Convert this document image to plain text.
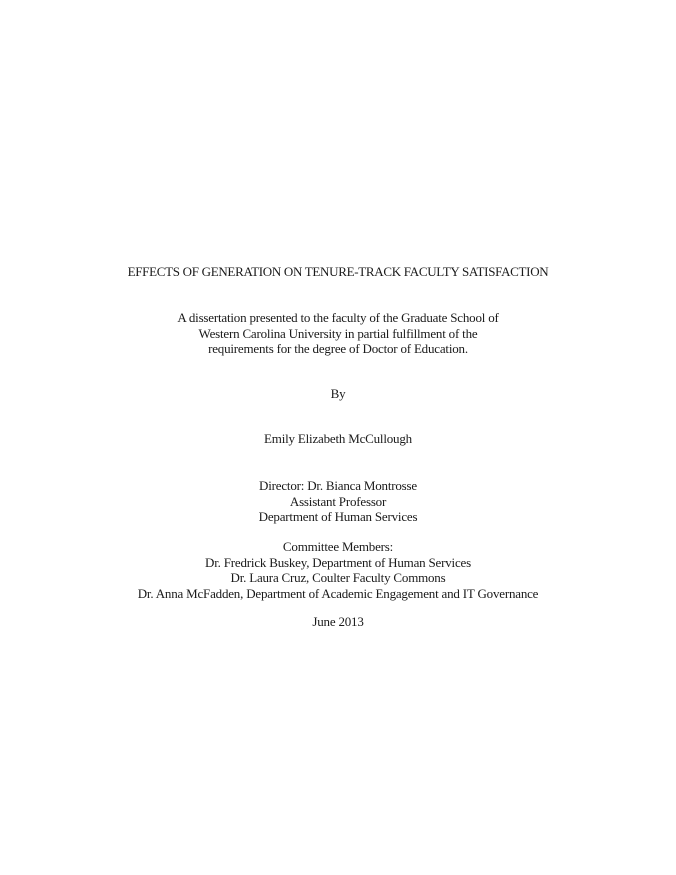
EFFECTS OF GENERATION ON TENURE-TRACK FACULTY SATISFACTION
A dissertation presented to the faculty of the Graduate School of
Western Carolina University in partial fulfillment of the
requirements for the degree of Doctor of Education.
By
Emily Elizabeth McCullough
Director: Dr. Bianca Montrosse
Assistant Professor
Department of Human Services
Committee Members:
Dr. Fredrick Buskey, Department of Human Services
Dr. Laura Cruz, Coulter Faculty Commons
Dr. Anna McFadden, Department of Academic Engagement and IT Governance
June 2013
